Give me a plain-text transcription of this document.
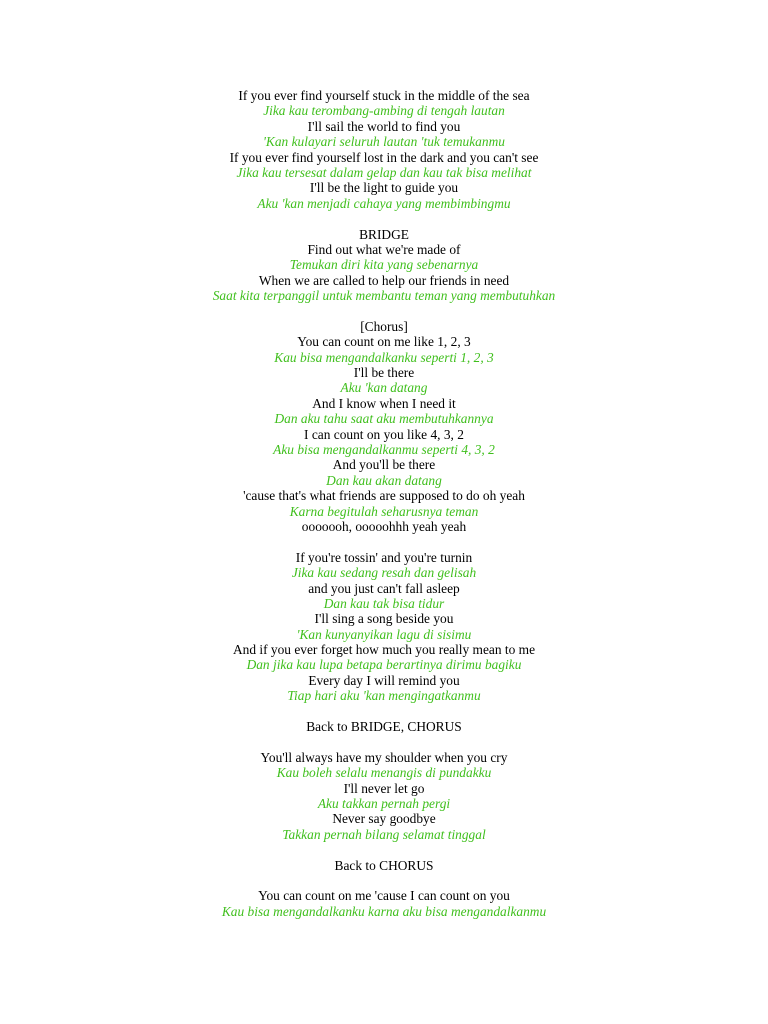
If you ever find yourself stuck in the middle of the sea
Jika kau terombang-ambing di tengah lautan
I'll sail the world to find you
'Kan kulayari seluruh lautan 'tuk temukanmu
If you ever find yourself lost in the dark and you can't see
Jika kau tersesat dalam gelap dan kau tak bisa melihat
I'll be the light to guide you
Aku 'kan menjadi cahaya yang membimbingmu
BRIDGE
Find out what we're made of
Temukan diri kita yang sebenarnya
When we are called to help our friends in need
Saat kita terpanggil untuk membantu teman yang membutuhkan
[Chorus]
You can count on me like 1, 2, 3
Kau bisa mengandalkanku seperti 1, 2, 3
I'll be there
Aku 'kan datang
And I know when I need it
Dan aku tahu saat aku membutuhkannya
I can count on you like 4, 3, 2
Aku bisa mengandalkanmu seperti 4, 3, 2
And you'll be there
Dan kau akan datang
'cause that's what friends are supposed to do oh yeah
Karna begitulah seharusnya teman
ooooooh, ooooohhh yeah yeah
If you're tossin' and you're turnin
Jika kau sedang resah dan gelisah
and you just can't fall asleep
Dan kau tak bisa tidur
I'll sing a song beside you
'Kan kunyanyikan lagu di sisimu
And if you ever forget how much you really mean to me
Dan jika kau lupa betapa berartinya dirimu bagiku
Every day I will remind you
Tiap hari aku 'kan mengingatkanmu
Back to BRIDGE, CHORUS
You'll always have my shoulder when you cry
Kau boleh selalu menangis di pundakku
I'll never let go
Aku takkan pernah pergi
Never say goodbye
Takkan pernah bilang selamat tinggal
Back to CHORUS
You can count on me 'cause I can count on you
Kau bisa mengandalkanku karna aku bisa mengandalkanmu
